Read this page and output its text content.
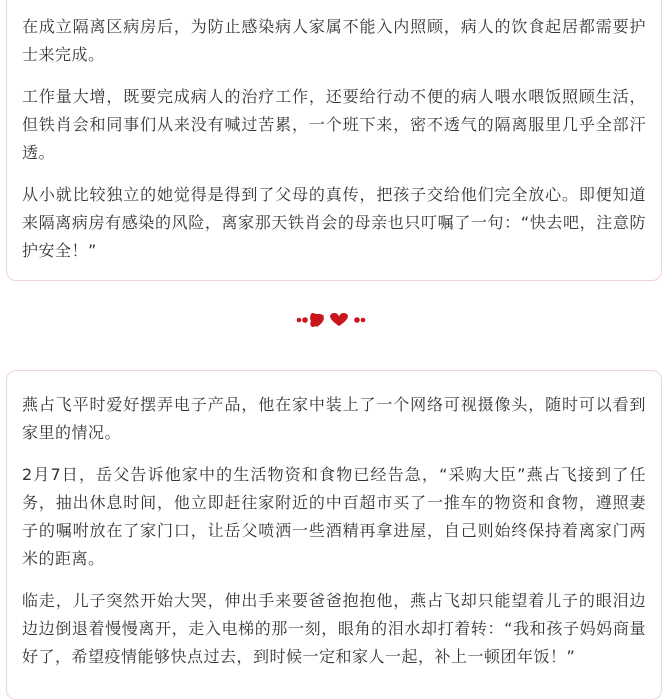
在成立隔离区病房后，为防止感染病人家属不能入内照顾，病人的饮食起居都需要护士来完成。

工作量大增，既要完成病人的治疗工作，还要给行动不便的病人喂水喂饭照顾生活，但铁肖会和同事们从来没有喊过苦累，一个班下来，密不透气的隔离服里几乎全部汗透。

从小就比较独立的她觉得是得到了父母的真传，把孩子交给他们完全放心。即便知道来隔离病房有感染的风险，离家那天铁肖会的母亲也只叮嘱了一句：“快去吧，注意防护安全！”

燕占飞平时爱好摆弄电子产品，他在家中装上了一个网络可视摄像头，随时可以看到家里的情况。

2月7日，岳父告诉他家中的生活物资和食物已经告急，“采购大臣”燕占飞接到了任务，抽出休息时间，他立即赶往家附近的中百超市买了一推车的物资和食物，遵照妻子的嘱咐放在了家门口，让岳父喷洒一些酒精再拿进屋，自己则始终保持着离家门两米的距离。

临走，儿子突然开始大哭，伸出手来要爸爸抱抱他，燕占飞却只能望着儿子的眼泪边边边倒退着慢慢离开，走入电梯的那一刻，眼角的泪水却打着转：“我和孩子妈妈商量好了，希望疫情能够快点过去，到时候一定和家人一起，补上一顿团年饭！”
